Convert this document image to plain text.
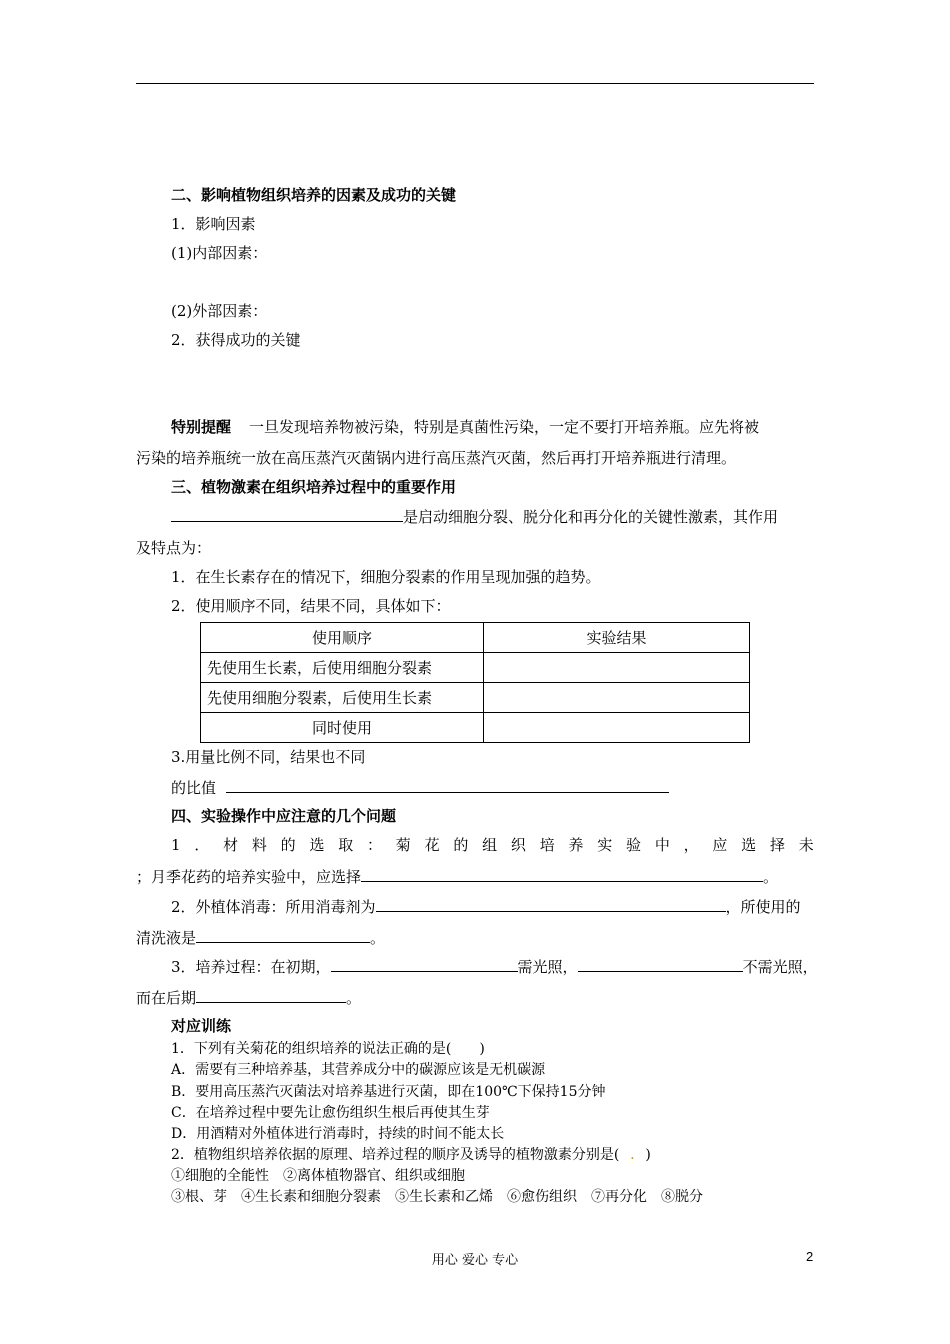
二、影响植物组织培养的因素及成功的关键
1．影响因素
(1)内部因素：
(2)外部因素：
2．获得成功的关键
特别提醒 一旦发现培养物被污染，特别是真菌性污染，一定不要打开培养瓶。应先将被
污染的培养瓶统一放在高压蒸汽灭菌锅内进行高压蒸汽灭菌，然后再打开培养瓶进行清理。
三、植物激素在组织培养过程中的重要作用
是启动细胞分裂、脱分化和再分化的关键性激素，其作用
及特点为：
1．在生长素存在的情况下，细胞分裂素的作用呈现加强的趋势。
2．使用顺序不同，结果不同，具体如下：
使用顺序	实验结果
先使用生长素，后使用细胞分裂素	
先使用细胞分裂素，后使用生长素	
同时使用	
3.用量比例不同，结果也不同
的比值
四、实验操作中应注意的几个问题
1 ． 材 料 的 选 取 ： 菊 花 的 组 织 培 养 实 验 中 ， 应 选 择 未
；月季花药的培养实验中，应选择	。
2．外植体消毒：所用消毒剂为	，所使用的
清洗液是	。
3．培养过程：在初期，	需光照，	不需光照，
而在后期	。
对应训练
1．下列有关菊花的组织培养的说法正确的是(　　)
A．需要有三种培养基，其营养成分中的碳源应该是无机碳源
B．要用高压蒸汽灭菌法对培养基进行灭菌，即在100℃下保持15分钟
C．在培养过程中要先让愈伤组织生根后再使其生芽
D．用酒精对外植体进行消毒时，持续的时间不能太长
2．植物组织培养依据的原理、培养过程的顺序及诱导的植物激素分别是( . )
①细胞的全能性　②离体植物器官、组织或细胞
③根、芽　④生长素和细胞分裂素　⑤生长素和乙烯　⑥愈伤组织　⑦再分化　⑧脱分
用心 爱心 专心	2
